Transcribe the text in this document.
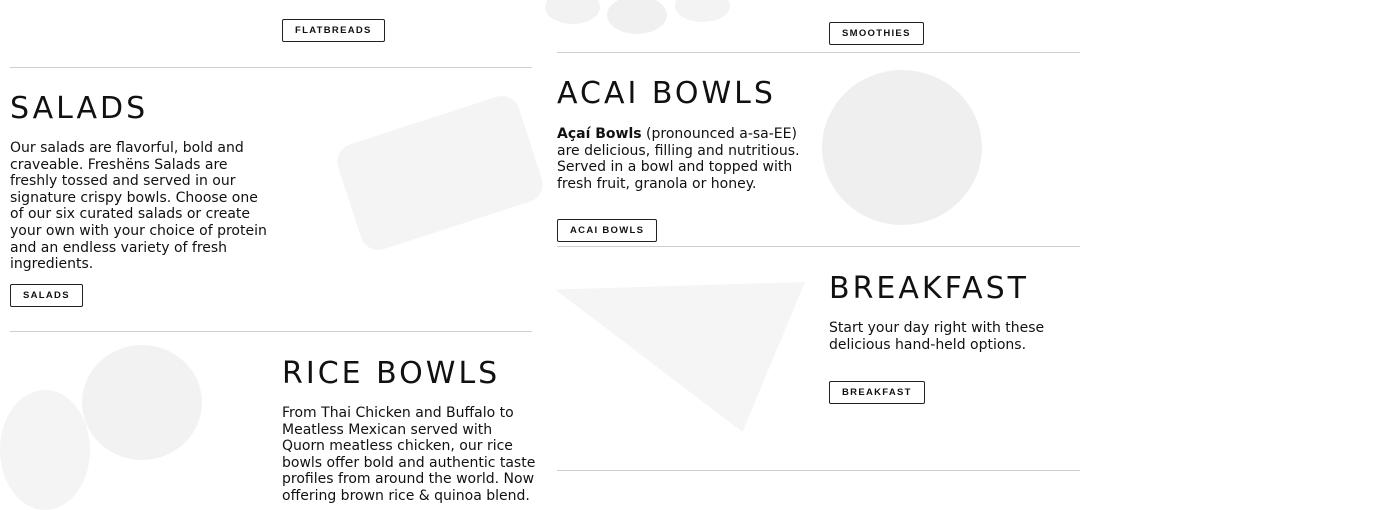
FLATBREADS	SMOOTHIES
SALADS

Our salads are flavorful, bold and craveable. Freshëns Salads are freshly tossed and served in our signature crispy bowls. Choose one of our six curated salads or create your own with your choice of protein and an endless variety of fresh ingredients.

SALADS
ACAI BOWLS

Açaí Bowls (pronounced a-sa-EE) are delicious, filling and nutritious. Served in a bowl and topped with fresh fruit, granola or honey.

ACAI BOWLS
BREAKFAST

Start your day right with these delicious hand-held options.

BREAKFAST
RICE BOWLS

From Thai Chicken and Buffalo to Meatless Mexican served with Quorn meatless chicken, our rice bowls offer bold and authentic taste profiles from around the world. Now offering brown rice & quinoa blend.
